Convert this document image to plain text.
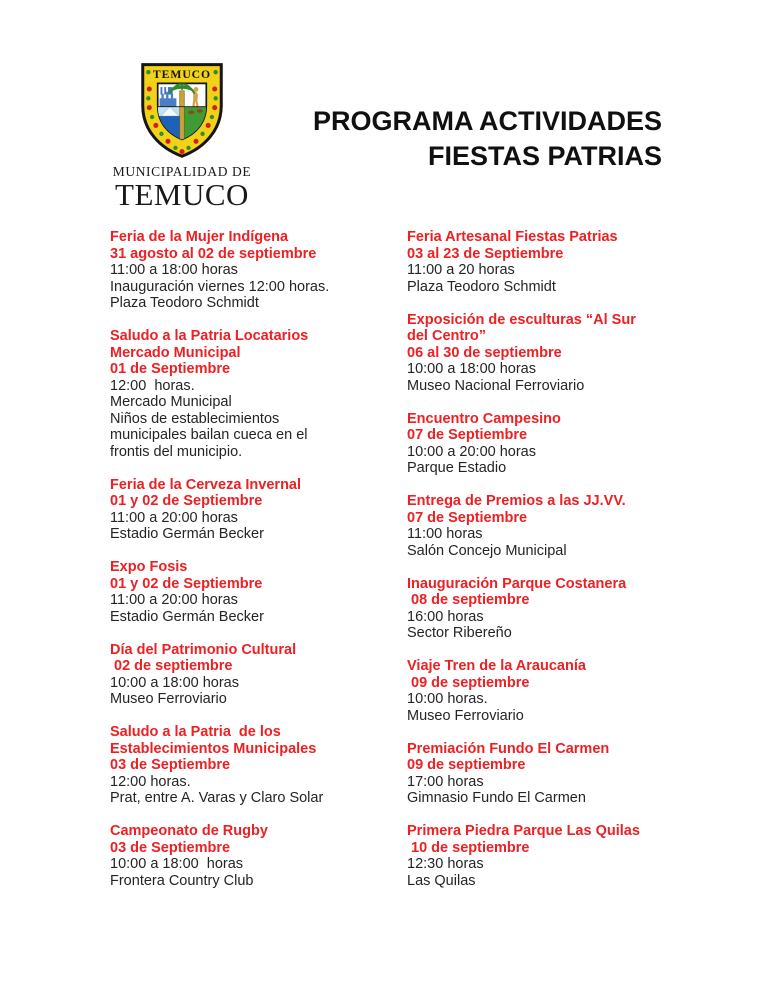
TEMUCO
MUNICIPALIDAD DE
TEMUCO
PROGRAMA ACTIVIDADES
FIESTAS PATRIAS
Feria de la Mujer Indígena
31 agosto al 02 de septiembre
11:00 a 18:00 horas
Inauguración viernes 12:00 horas.
Plaza Teodoro Schmidt
Saludo a la Patria Locatarios
Mercado Municipal
01 de Septiembre
12:00  horas.
Mercado Municipal
Niños de establecimientos
municipales bailan cueca en el
frontis del municipio.
Feria de la Cerveza Invernal
01 y 02 de Septiembre
11:00 a 20:00 horas
Estadio Germán Becker
Expo Fosis
01 y 02 de Septiembre
11:00 a 20:00 horas
Estadio Germán Becker
Día del Patrimonio Cultural
02 de septiembre
10:00 a 18:00 horas
Museo Ferroviario
Saludo a la Patria  de los
Establecimientos Municipales
03 de Septiembre
12:00 horas.
Prat, entre A. Varas y Claro Solar
Campeonato de Rugby
03 de Septiembre
10:00 a 18:00  horas
Frontera Country Club
Feria Artesanal Fiestas Patrias
03 al 23 de Septiembre
11:00 a 20 horas
Plaza Teodoro Schmidt
Exposición de esculturas “Al Sur
del Centro”
06 al 30 de septiembre
10:00 a 18:00 horas
Museo Nacional Ferroviario
Encuentro Campesino
07 de Septiembre
10:00 a 20:00 horas
Parque Estadio
Entrega de Premios a las JJ.VV.
07 de Septiembre
11:00 horas
Salón Concejo Municipal
Inauguración Parque Costanera
08 de septiembre
16:00 horas
Sector Ribereño
Viaje Tren de la Araucanía
09 de septiembre
10:00 horas.
Museo Ferroviario
Premiación Fundo El Carmen
09 de septiembre
17:00 horas
Gimnasio Fundo El Carmen
Primera Piedra Parque Las Quilas
10 de septiembre
12:30 horas
Las Quilas
